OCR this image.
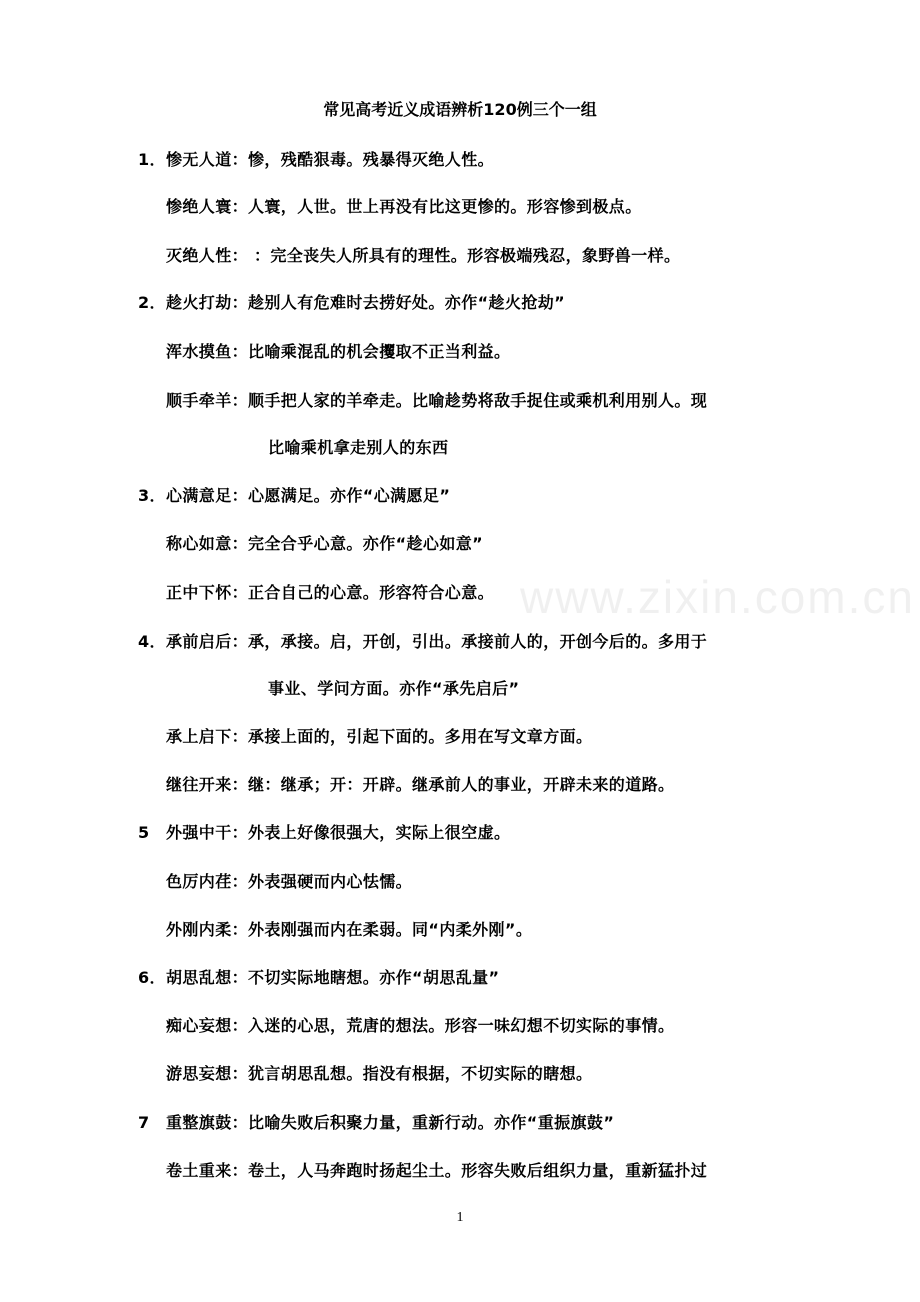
常见高考近义成语辨析120例三个一组
1． 惨无人道：惨，残酷狠毒。残暴得灭绝人性。
惨绝人寰：人寰，人世。世上再没有比这更惨的。形容惨到极点。
灭绝人性： ：完全丧失人所具有的理性。形容极端残忍，象野兽一样。
2． 趁火打劫：趁别人有危难时去捞好处。亦作“趁火抢劫”
浑水摸鱼：比喻乘混乱的机会攫取不正当利益。
顺手牵羊：顺手把人家的羊牵走。比喻趁势将敌手捉住或乘机利用别人。现
比喻乘机拿走别人的东西
3． 心满意足：心愿满足。亦作“心满愿足”
称心如意：完全合乎心意。亦作“趁心如意”
正中下怀：正合自己的心意。形容符合心意。
4． 承前启后：承，承接。启，开创，引出。承接前人的，开创今后的。多用于
事业、学问方面。亦作“承先启后”
承上启下：承接上面的，引起下面的。多用在写文章方面。
继往开来：继：继承；开：开辟。继承前人的事业，开辟未来的道路。
5 外强中干：外表上好像很强大，实际上很空虚。
色厉内荏：外表强硬而内心怯懦。
外刚内柔：外表刚强而内在柔弱。同“内柔外刚”。
6． 胡思乱想：不切实际地瞎想。亦作“胡思乱量”
痴心妄想：入迷的心思，荒唐的想法。形容一味幻想不切实际的事情。
游思妄想：犹言胡思乱想。指没有根据，不切实际的瞎想。
7 重整旗鼓：比喻失败后积聚力量，重新行动。亦作“重振旗鼓”
卷土重来：卷土，人马奔跑时扬起尘土。形容失败后组织力量，重新猛扑过
www.zixin.com.cn
1
